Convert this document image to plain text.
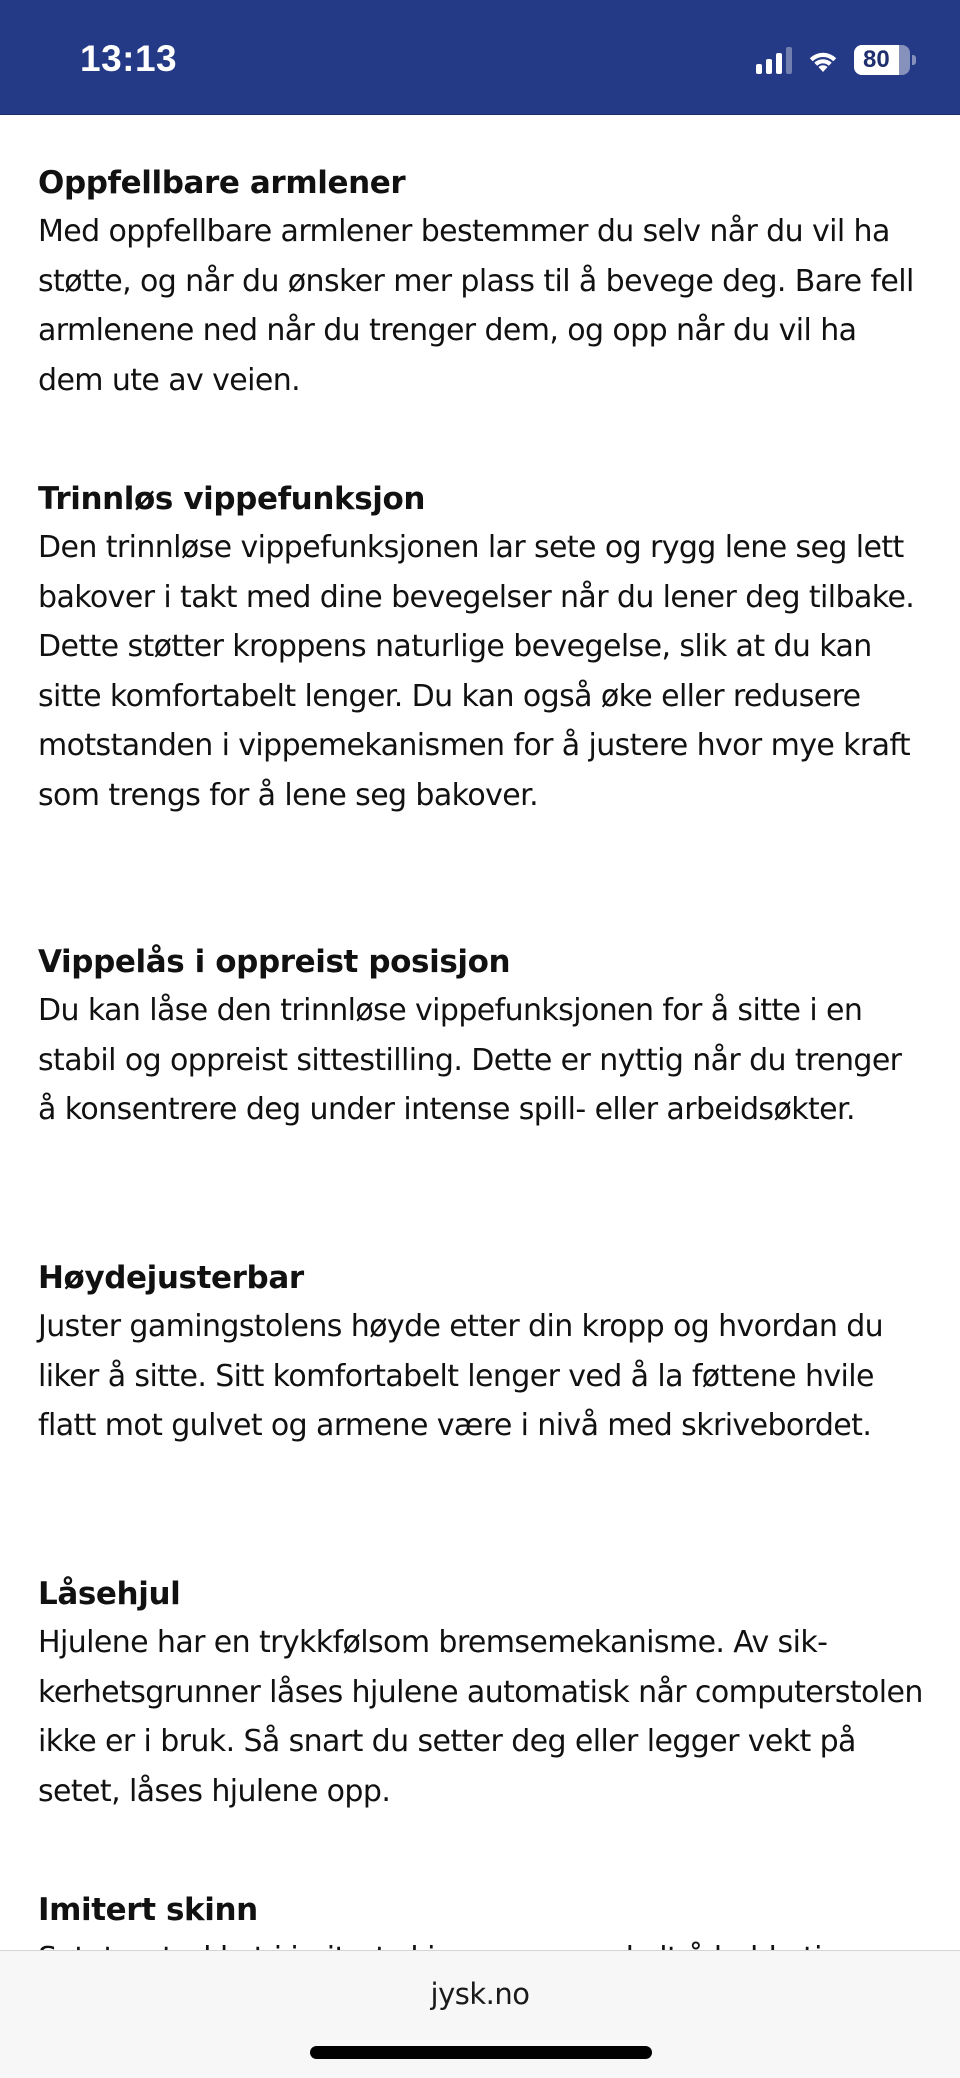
13:13	80
Oppfellbare armlener

Med oppfellbare armlener bestemmer du selv når du vil ha støtte, og når du ønsker mer plass til å bevege deg. Bare fell armlenene ned når du trenger dem, og opp når du vil ha dem ute av veien.

Trinnløs vippefunksjon

Den trinnløse vippefunksjonen lar sete og rygg lene seg lett bakover i takt med dine bevegelser når du lener deg tilbake. Dette støtter kroppens naturlige bevegelse, slik at du kan sitte komfortabelt lenger. Du kan også øke eller redusere motstanden i vippemekanismen for å justere hvor mye kraft som trengs for å lene seg bakover.

Vippelås i oppreist posisjon

Du kan låse den trinnløse vippefunksjonen for å sitte i en stabil og oppreist sittestilling. Dette er nyttig når du trenger å konsentrere deg under intense spill- eller arbeidsøkter.

Høydejusterbar

Juster gamingstolens høyde etter din kropp og hvordan du liker å sitte. Sitt komfortabelt lenger ved å la føttene hvile flatt mot gulvet og armene være i nivå med skrivebordet.

Låsehjul

Hjulene har en trykkfølsom bremsemekanisme. Av sikkerhetsgrunner låses hjulene automatisk når computerstolen ikke er i bruk. Så snart du setter deg eller legger vekt på setet, låses hjulene opp.

Imitert skinn

jysk.no
